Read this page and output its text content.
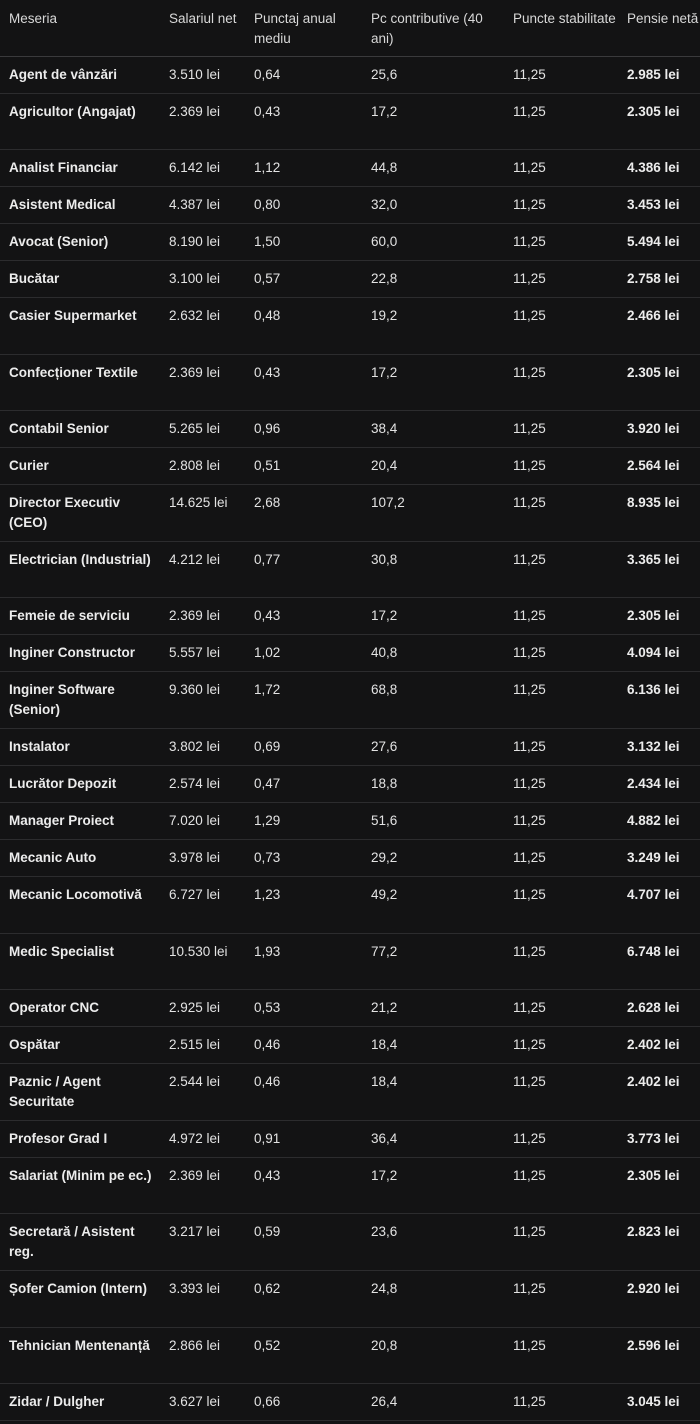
Meseria	Salariul net	Punctaj anual mediu	Pc contributive (40 ani)	Puncte stabilitate	Pensie netă
Agent de vânzări	3.510 lei	0,64	25,6	11,25	2.985 lei
Agricultor (Angajat)	2.369 lei	0,43	17,2	11,25	2.305 lei
Analist Financiar	6.142 lei	1,12	44,8	11,25	4.386 lei
Asistent Medical	4.387 lei	0,80	32,0	11,25	3.453 lei
Avocat (Senior)	8.190 lei	1,50	60,0	11,25	5.494 lei
Bucătar	3.100 lei	0,57	22,8	11,25	2.758 lei
Casier Supermarket	2.632 lei	0,48	19,2	11,25	2.466 lei
Confecționer Textile	2.369 lei	0,43	17,2	11,25	2.305 lei
Contabil Senior	5.265 lei	0,96	38,4	11,25	3.920 lei
Curier	2.808 lei	0,51	20,4	11,25	2.564 lei
Director Executiv (CEO)	14.625 lei	2,68	107,2	11,25	8.935 lei
Electrician (Industrial)	4.212 lei	0,77	30,8	11,25	3.365 lei
Femeie de serviciu	2.369 lei	0,43	17,2	11,25	2.305 lei
Inginer Constructor	5.557 lei	1,02	40,8	11,25	4.094 lei
Inginer Software (Senior)	9.360 lei	1,72	68,8	11,25	6.136 lei
Instalator	3.802 lei	0,69	27,6	11,25	3.132 lei
Lucrător Depozit	2.574 lei	0,47	18,8	11,25	2.434 lei
Manager Proiect	7.020 lei	1,29	51,6	11,25	4.882 lei
Mecanic Auto	3.978 lei	0,73	29,2	11,25	3.249 lei
Mecanic Locomotivă	6.727 lei	1,23	49,2	11,25	4.707 lei
Medic Specialist	10.530 lei	1,93	77,2	11,25	6.748 lei
Operator CNC	2.925 lei	0,53	21,2	11,25	2.628 lei
Ospătar	2.515 lei	0,46	18,4	11,25	2.402 lei
Paznic / Agent Securitate	2.544 lei	0,46	18,4	11,25	2.402 lei
Profesor Grad I	4.972 lei	0,91	36,4	11,25	3.773 lei
Salariat (Minim pe ec.)	2.369 lei	0,43	17,2	11,25	2.305 lei
Secretară / Asistent reg.	3.217 lei	0,59	23,6	11,25	2.823 lei
Șofer Camion (Intern)	3.393 lei	0,62	24,8	11,25	2.920 lei
Tehnician Mentenanță	2.866 lei	0,52	20,8	11,25	2.596 lei
Zidar / Dulgher	3.627 lei	0,66	26,4	11,25	3.045 lei
